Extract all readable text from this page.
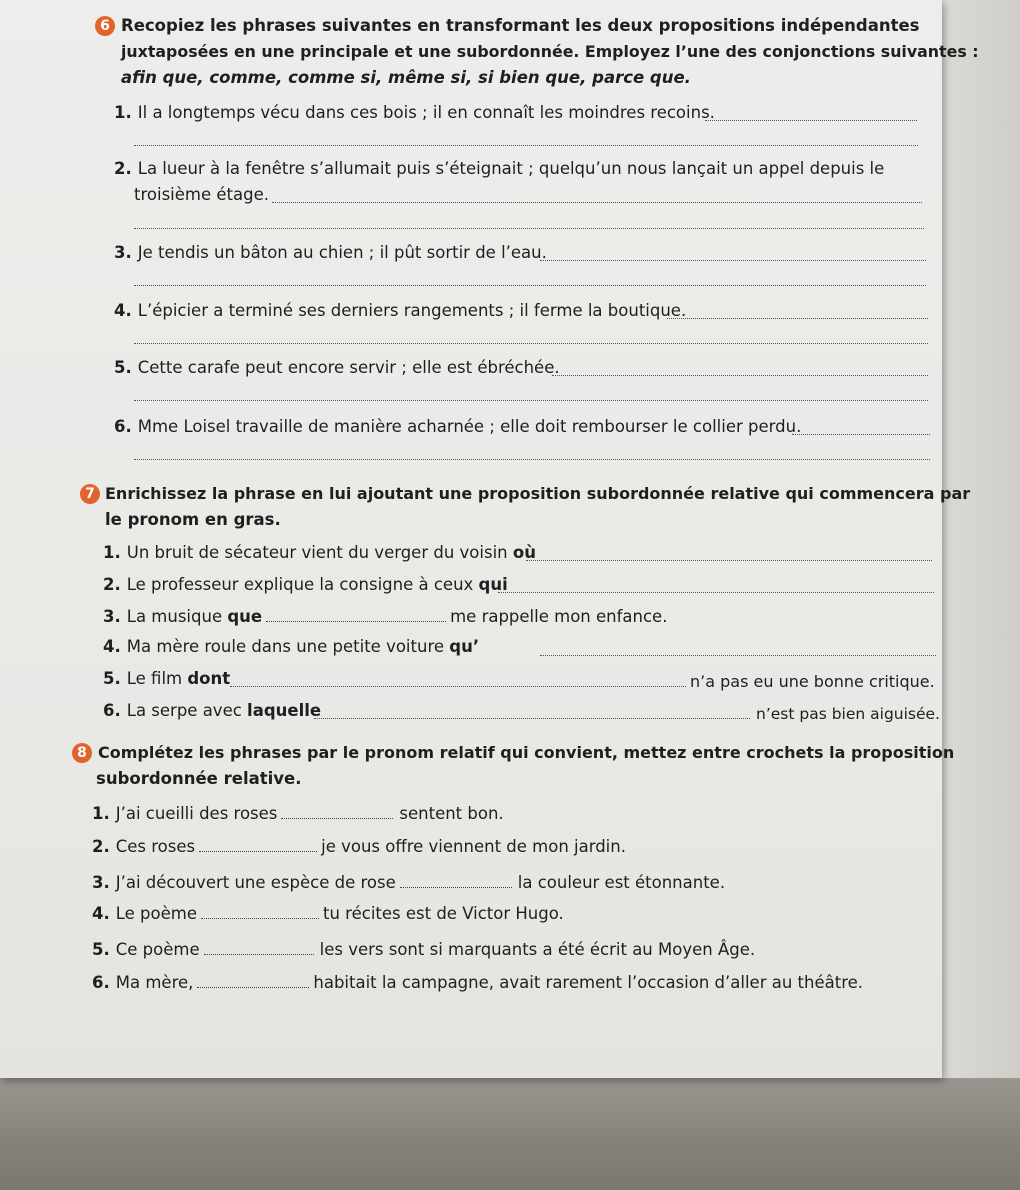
6 Recopiez les phrases suivantes en transformant les deux propositions indépendantes
juxtaposées en une principale et une subordonnée. Employez l’une des conjonctions suivantes :
afin que, comme, comme si, même si, si bien que, parce que.
1. Il a longtemps vécu dans ces bois ; il en connaît les moindres recoins.
2. La lueur à la fenêtre s’allumait puis s’éteignait ; quelqu’un nous lançait un appel depuis le
troisième étage.
3. Je tendis un bâton au chien ; il pût sortir de l’eau.
4. L’épicier a terminé ses derniers rangements ; il ferme la boutique.
5. Cette carafe peut encore servir ; elle est ébréchée.
6. Mme Loisel travaille de manière acharnée ; elle doit rembourser le collier perdu.
7 Enrichissez la phrase en lui ajoutant une proposition subordonnée relative qui commencera par
le pronom en gras.
1. Un bruit de sécateur vient du verger du voisin où
2. Le professeur explique la consigne à ceux qui
3. La musique que	me rappelle mon enfance.
4. Ma mère roule dans une petite voiture qu’
5. Le film dont	n’a pas eu une bonne critique.
6. La serpe avec laquelle	n’est pas bien aiguisée.
8 Complétez les phrases par le pronom relatif qui convient, mettez entre crochets la proposition
subordonnée relative.
1. J’ai cueilli des roses	sentent bon.
2. Ces roses	je vous offre viennent de mon jardin.
3. J’ai découvert une espèce de rose	la couleur est étonnante.
4. Le poème	tu récites est de Victor Hugo.
5. Ce poème	les vers sont si marquants a été écrit au Moyen Âge.
6. Ma mère,	habitait la campagne, avait rarement l’occasion d’aller au théâtre.
